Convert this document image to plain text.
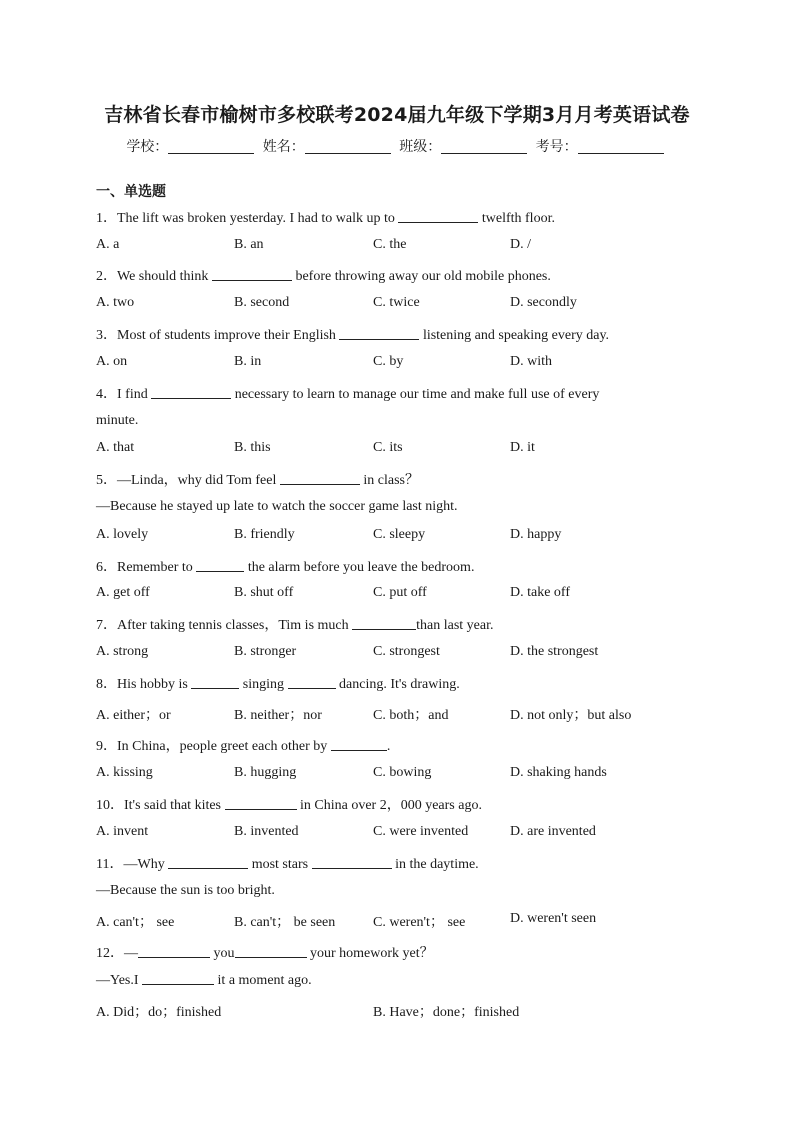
吉林省长春市榆树市多校联考2024届九年级下学期3月月考英语试卷
学校：	姓名：	班级：	考号：
一、单选题
1．The lift was broken yesterday. I had to walk up to	twelfth floor.
A. a	B. an	C. the	D. /
2．We should think	before throwing away our old mobile phones.
A. two	B. second	C. twice	D. secondly
3．Most of students improve their English	listening and speaking every day.
A. on	B. in	C. by	D. with
4．I find	necessary to learn to manage our time and make full use of every
minute.
A. that	B. this	C. its	D. it
5．—Linda，why did Tom feel	in class？
—Because he stayed up late to watch the soccer game last night.
A. lovely	B. friendly	C. sleepy	D. happy
6．Remember to	the alarm before you leave the bedroom.
A. get off	B. shut off	C. put off	D. take off
7．After taking tennis classes，Tim is much	than last year.
A. strong	B. stronger	C. strongest	D. the strongest
8．His hobby is	singing	dancing. It's drawing.
A. either；or	B. neither；nor	C. both；and	D. not only；but also
9．In China，people greet each other by	.
A. kissing	B. hugging	C. bowing	D. shaking hands
10．It's said that kites	in China over 2，000 years ago.
A. invent	B. invented	C. were invented	D. are invented
11．—Why	most stars	in the daytime.
—Because the sun is too bright.
A. can't； see	B. can't； be seen	C. weren't； see	D. weren't seen
12．—	you	your homework yet？
—Yes.I	it a moment ago.
A. Did；do；finished	B. Have；done；finished
